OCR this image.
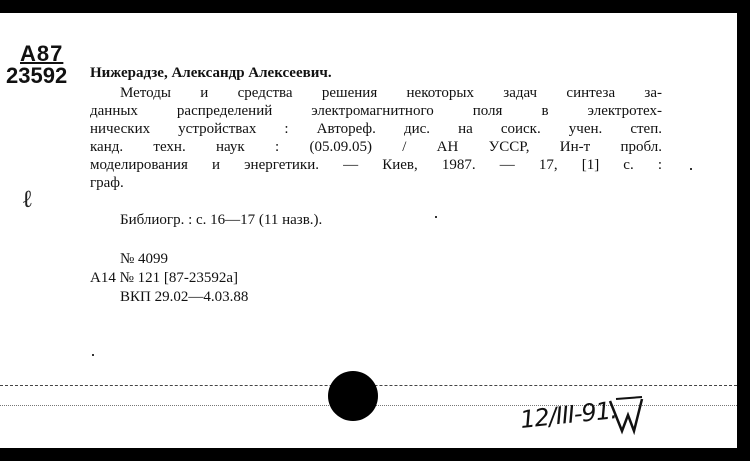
A87
23592 Нижерадзе, Александр Алексеевич.
Методы и средства решения некоторых задач синтеза за-
данных распределений электромагнитного поля в электротех-
нических устройствах : Автореф. дис. на соиск. учен. степ.
канд. техн. наук : (05.09.05) / АН УССР, Ин-т пробл.
моделирования и энергетики. — Киев, 1987. — 17, [1] с. :
граф.
Библиогр. : с. 16—17 (11 назв.).
№ 4099
A14 № 121 [87-23592a]
ВКП 29.02—4.03.88
ℓ
12/III-91.
